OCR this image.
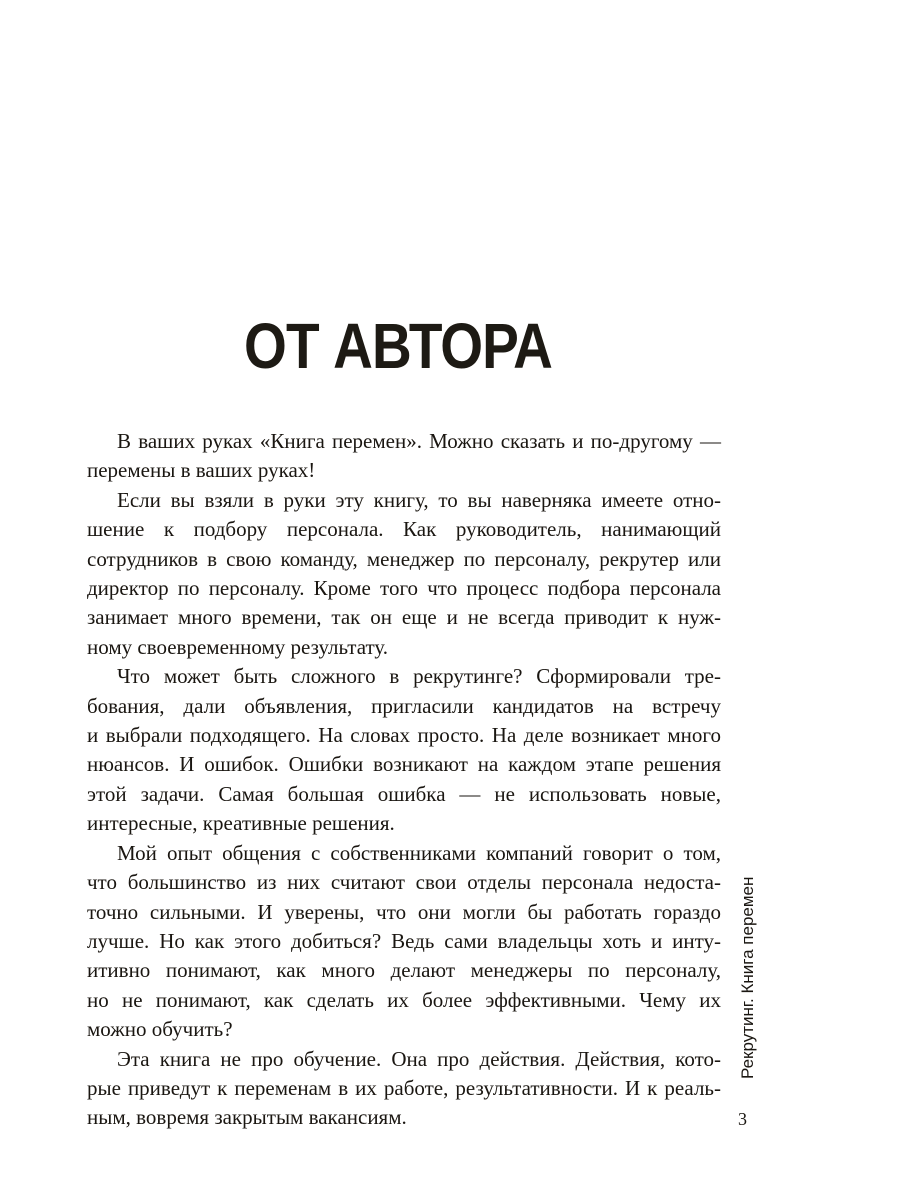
ОТ АВТОРА
В ваших руках «Книга перемен». Можно сказать и по-другому —
перемены в ваших руках!
Если вы взяли в руки эту книгу, то вы наверняка имеете отно-
шение к подбору персонала. Как руководитель, нанимающий
сотрудников в свою команду, менеджер по персоналу, рекрутер или
директор по персоналу. Кроме того что процесс подбора персонала
занимает много времени, так он еще и не всегда приводит к нуж-
ному своевременному результату.
Что может быть сложного в рекрутинге? Сформировали тре-
бования, дали объявления, пригласили кандидатов на встречу
и выбрали подходящего. На словах просто. На деле возникает много
нюансов. И ошибок. Ошибки возникают на каждом этапе решения
этой задачи. Самая большая ошибка — не использовать новые,
интересные, креативные решения.
Мой опыт общения с собственниками компаний говорит о том,
что большинство из них считают свои отделы персонала недоста-
точно сильными. И уверены, что они могли бы работать гораздо
лучше. Но как этого добиться? Ведь сами владельцы хоть и инту-
итивно понимают, как много делают менеджеры по персоналу,
но не понимают, как сделать их более эффективными. Чему их
можно обучить?
Эта книга не про обучение. Она про действия. Действия, кото-
рые приведут к переменам в их работе, результативности. И к реаль-
ным, вовремя закрытым вакансиям.
Рекрутинг. Книга перемен
3
